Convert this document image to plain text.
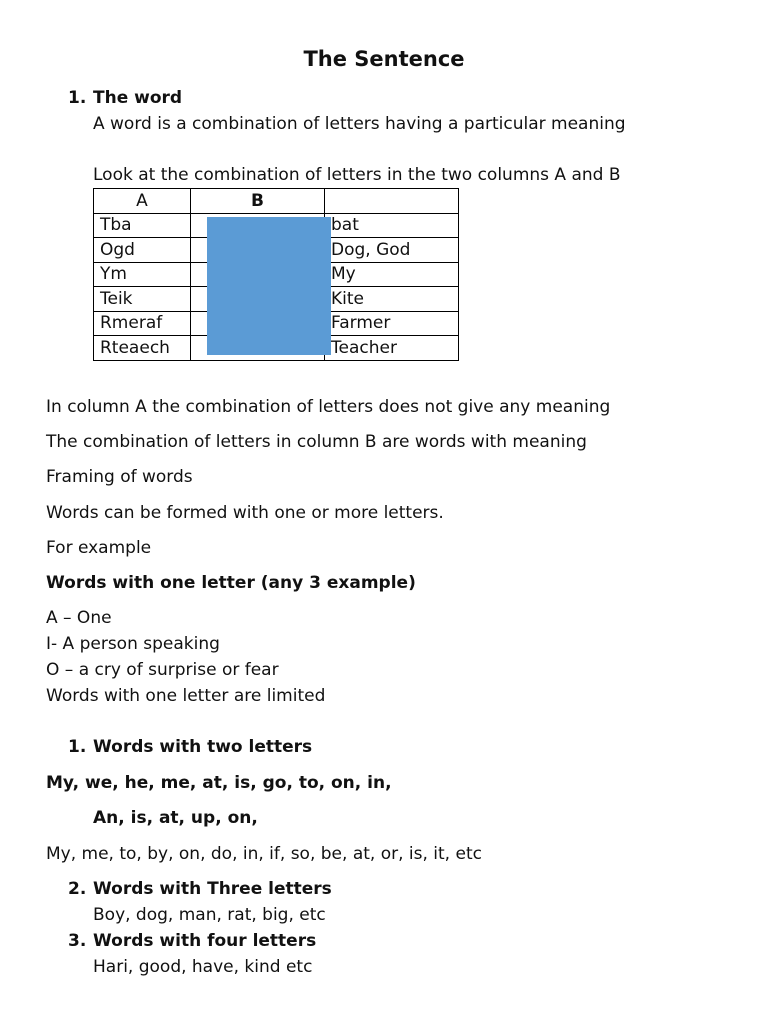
The Sentence
1. The word
A word is a combination of letters having a particular meaning
Look at the combination of letters in the two columns A and B
A	B	
Tba		bat
Ogd		Dog, God
Ym		My
Teik		Kite
Rmeraf		Farmer
Rteaech		Teacher
In column A the combination of letters does not give any meaning
The combination of letters in column B are words with meaning
Framing of words
Words can be formed with one or more letters.
For example
Words with one letter (any 3 example)
A – One
I- A person speaking
O – a cry of surprise or fear
Words with one letter are limited
1. Words with two letters
My, we, he, me, at, is, go, to, on, in,
An, is, at, up, on,
My, me, to, by, on, do, in, if, so, be, at, or, is, it, etc
2. Words with Three letters
Boy, dog, man, rat, big, etc
3. Words with four letters
Hari, good, have, kind etc
